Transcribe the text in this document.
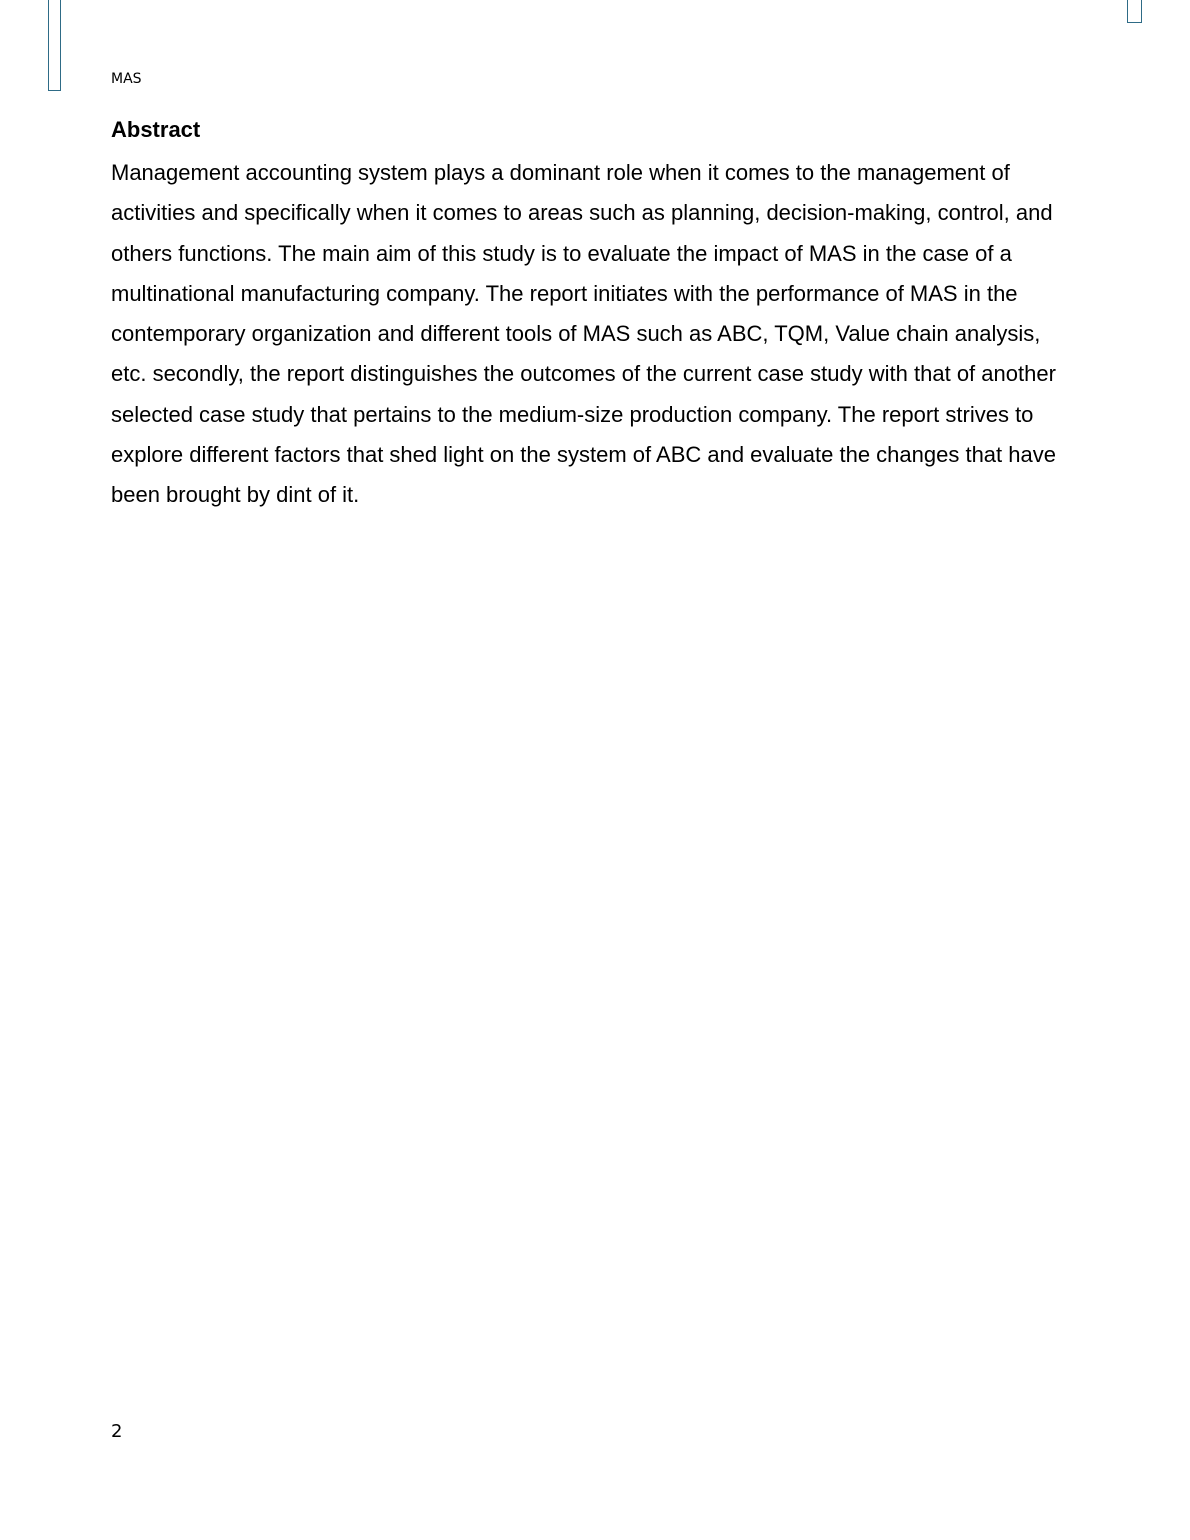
MAS
Abstract

Management accounting system plays a dominant role when it comes to the management of activities and specifically when it comes to areas such as planning, decision-making, control, and others functions. The main aim of this study is to evaluate the impact of MAS in the case of a multinational manufacturing company. The report initiates with the performance of MAS in the contemporary organization and different tools of MAS such as ABC, TQM, Value chain analysis, etc. secondly, the report distinguishes the outcomes of the current case study with that of another selected case study that pertains to the medium-size production company. The report strives to explore different factors that shed light on the system of ABC and evaluate the changes that have been brought by dint of it.

2
